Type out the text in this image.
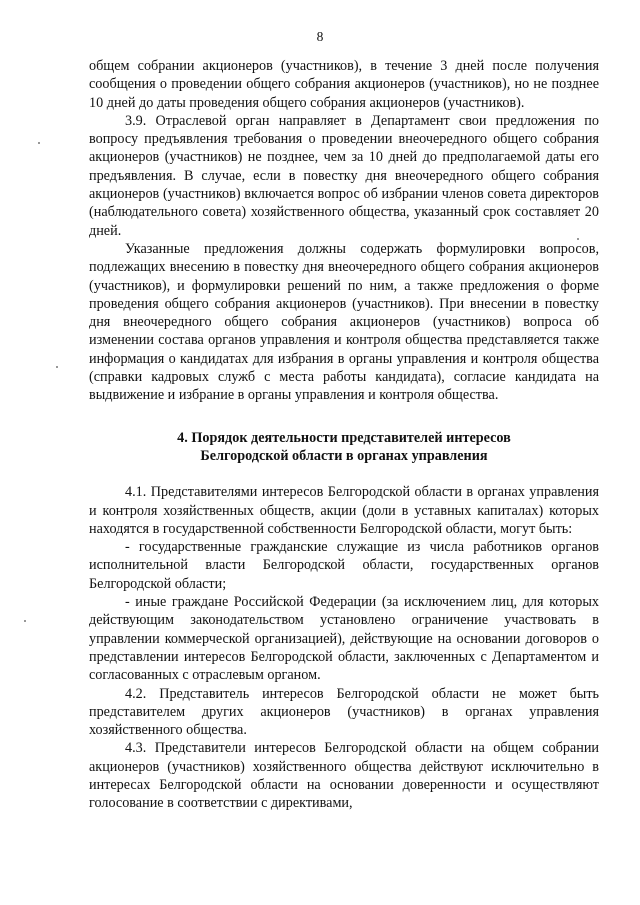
8

общем собрании акционеров (участников), в течение 3 дней после получения сообщения о проведении общего собрания акционеров (участников), но не позднее 10 дней до даты проведения общего собрания акционеров (участников).

3.9. Отраслевой орган направляет в Департамент свои предложения по вопросу предъявления требования о проведении внеочередного общего собрания акционеров (участников) не позднее, чем за 10 дней до предполагаемой даты его предъявления. В случае, если в повестку дня внеочередного общего собрания акционеров (участников) включается вопрос об избрании членов совета директоров (наблюдательного совета) хозяйственного общества, указанный срок составляет 20 дней.

Указанные предложения должны содержать формулировки вопросов, подлежащих внесению в повестку дня внеочередного общего собрания акционеров (участников), и формулировки решений по ним, а также предложения о форме проведения общего собрания акционеров (участников). При внесении в повестку дня внеочередного общего собрания акционеров (участников) вопроса об изменении состава органов управления и контроля общества представляется также информация о кандидатах для избрания в органы управления и контроля общества (справки кадровых служб с места работы кандидата), согласие кандидата на выдвижение и избрание в органы управления и контроля общества.

4. Порядок деятельности представителей интересов
Белгородской области в органах управления

4.1. Представителями интересов Белгородской области в органах управления и контроля хозяйственных обществ, акции (доли в уставных капиталах) которых находятся в государственной собственности Белгородской области, могут быть:

- государственные гражданские служащие из числа работников органов исполнительной власти Белгородской области, государственных органов Белгородской области;

- иные граждане Российской Федерации (за исключением лиц, для которых действующим законодательством установлено ограничение участвовать в управлении коммерческой организацией), действующие на основании договоров о представлении интересов Белгородской области, заключенных с Департаментом и согласованных с отраслевым органом.

4.2. Представитель интересов Белгородской области не может быть представителем других акционеров (участников) в органах управления хозяйственного общества.

4.3. Представители интересов Белгородской области на общем собрании акционеров (участников) хозяйственного общества действуют исключительно в интересах Белгородской области на основании доверенности и осуществляют голосование в соответствии с директивами,
